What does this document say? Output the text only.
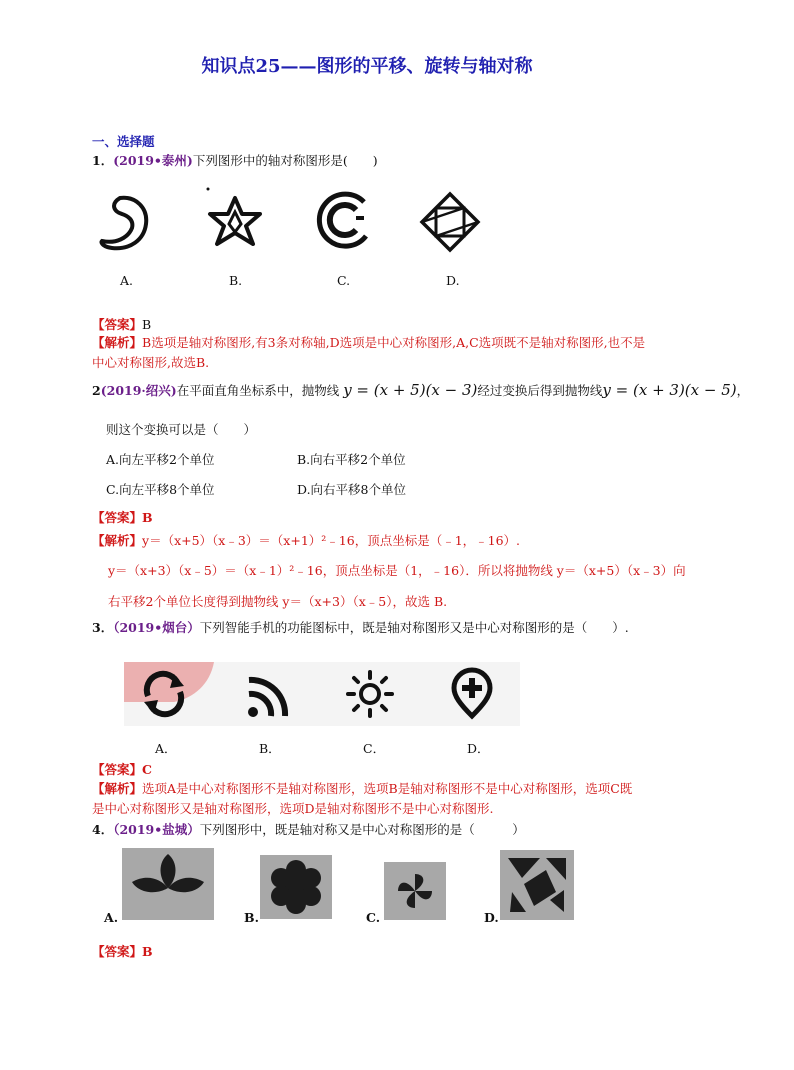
知识点25——图形的平移、旋转与轴对称
一、选择题
1．(2019•泰州)下列图形中的轴对称图形是(　　)
A.	B.	C.	D.
【答案】B
【解析】B选项是轴对称图形,有3条对称轴,D选项是中心对称图形,A,C选项既不是轴对称图形,也不是
中心对称图形,故选B.
2(2019·绍兴)在平面直角坐标系中，抛物线 y = (x + 5)(x − 3)经过变换后得到抛物线y = (x + 3)(x − 5)，
则这个变换可以是（　　）
A.向左平移2个单位	B.向右平移2个单位
C.向左平移8个单位	D.向右平移8个单位
【答案】B
【解析】y＝（x+5）（x﹣3）＝（x+1）²﹣16，顶点坐标是（﹣1，﹣16）.
y＝（x+3）（x﹣5）＝（x﹣1）²﹣16，顶点坐标是（1，﹣16）．所以将抛物线 y＝（x+5）（x﹣3）向
右平移2个单位长度得到抛物线 y＝（x+3）（x﹣5），故选 B.
3．（2019•烟台）下列智能手机的功能图标中，既是轴对称图形又是中心对称图形的是（　　）.
A．	B．	C．	D．
【答案】C
【解析】选项A是中心对称图形不是轴对称图形，选项B是轴对称图形不是中心对称图形，选项C既
是中心对称图形又是轴对称图形，选项D是轴对称图形不是中心对称图形.
4．（2019•盐城）下列图形中，既是轴对称又是中心对称图形的是（　　　）
A.	B.	C.	D.
【答案】B
